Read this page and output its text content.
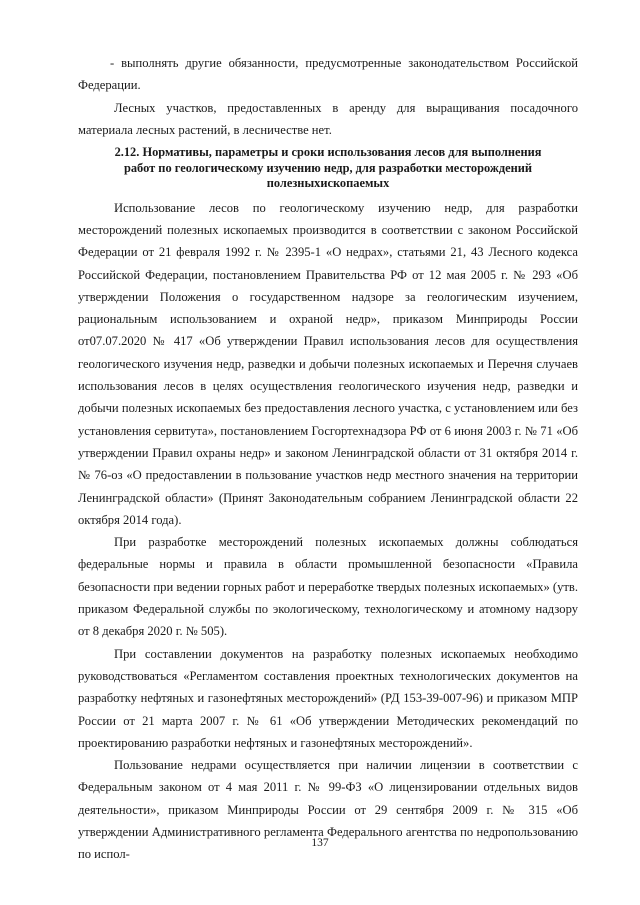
- выполнять другие обязанности, предусмотренные законодательством Российской Федерации.

Лесных участков, предоставленных в аренду для выращивания посадочного материала лесных растений, в лесничестве нет.

2.12. Нормативы, параметры и сроки использования лесов для выполнения работ по геологическому изучению недр, для разработки месторождений полезныхископаемых

Использование лесов по геологическому изучению недр, для разработки месторождений полезных ископаемых производится в соответствии с законом Российской Федерации от 21 февраля 1992 г. № 2395-1 «О недрах», статьями 21, 43 Лесного кодекса Российской Федерации, постановлением Правительства РФ от 12 мая 2005 г. № 293 «Об утверждении Положения о государственном надзоре за геологическим изучением, рациональным использованием и охраной недр», приказом Минприроды России от07.07.2020 № 417 «Об утверждении Правил использования лесов для осуществления геологического изучения недр, разведки и добычи полезных ископаемых и Перечня случаев использования лесов в целях осуществления геологического изучения недр, разведки и добычи полезных ископаемых без предоставления лесного участка, с установлением или без установления сервитута», постановлением Госгортехнадзора РФ от 6 июня 2003 г. № 71 «Об утверждении Правил охраны недр» и законом Ленинградской области от 31 октября 2014 г. № 76-оз «О предоставлении в пользование участков недр местного значения на территории Ленинградской области» (Принят Законодательным собранием Ленинградской области 22 октября 2014 года).

При разработке месторождений полезных ископаемых должны соблюдаться федеральные нормы и правила в области промышленной безопасности «Правила безопасности при ведении горных работ и переработке твердых полезных ископаемых» (утв. приказом Федеральной службы по экологическому, технологическому и атомному надзору от 8 декабря 2020 г. № 505).

При составлении документов на разработку полезных ископаемых необходимо руководствоваться «Регламентом составления проектных технологических документов на разработку нефтяных и газонефтяных месторождений» (РД 153-39-007-96) и приказом МПР России от 21 марта 2007 г. № 61 «Об утверждении Методических рекомендаций по проектированию разработки нефтяных и газонефтяных месторождений».

Пользование недрами осуществляется при наличии лицензии в соответствии с Федеральным законом от 4 мая 2011 г. № 99-ФЗ «О лицензировании отдельных видов деятельности», приказом Минприроды России от 29 сентября 2009 г. № 315 «Об утверждении Административного регламента Федерального агентства по недропользованию по испол-

137
